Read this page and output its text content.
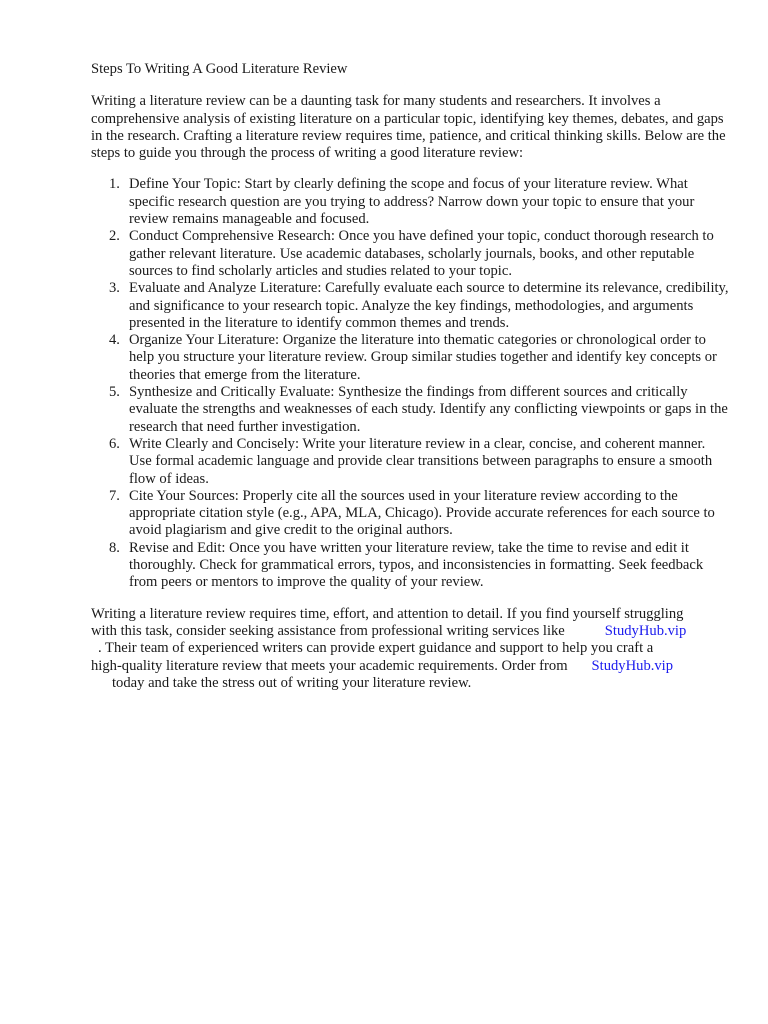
Steps To Writing A Good Literature Review

Writing a literature review can be a daunting task for many students and researchers. It involves a comprehensive analysis of existing literature on a particular topic, identifying key themes, debates, and gaps in the research. Crafting a literature review requires time, patience, and critical thinking skills. Below are the steps to guide you through the process of writing a good literature review:

1. Define Your Topic: Start by clearly defining the scope and focus of your literature review. What specific research question are you trying to address? Narrow down your topic to ensure that your review remains manageable and focused.
2. Conduct Comprehensive Research: Once you have defined your topic, conduct thorough research to gather relevant literature. Use academic databases, scholarly journals, books, and other reputable sources to find scholarly articles and studies related to your topic.
3. Evaluate and Analyze Literature: Carefully evaluate each source to determine its relevance, credibility, and significance to your research topic. Analyze the key findings, methodologies, and arguments presented in the literature to identify common themes and trends.
4. Organize Your Literature: Organize the literature into thematic categories or chronological order to help you structure your literature review. Group similar studies together and identify key concepts or theories that emerge from the literature.
5. Synthesize and Critically Evaluate: Synthesize the findings from different sources and critically evaluate the strengths and weaknesses of each study. Identify any conflicting viewpoints or gaps in the research that need further investigation.
6. Write Clearly and Concisely: Write your literature review in a clear, concise, and coherent manner. Use formal academic language and provide clear transitions between paragraphs to ensure a smooth flow of ideas.
7. Cite Your Sources: Properly cite all the sources used in your literature review according to the appropriate citation style (e.g., APA, MLA, Chicago). Provide accurate references for each source to avoid plagiarism and give credit to the original authors.
8. Revise and Edit: Once you have written your literature review, take the time to revise and edit it thoroughly. Check for grammatical errors, typos, and inconsistencies in formatting. Seek feedback from peers or mentors to improve the quality of your review.

Writing a literature review requires time, effort, and attention to detail. If you find yourself struggling
with this task, consider seeking assistance from professional writing services like	StudyHub.vip
. Their team of experienced writers can provide expert guidance and support to help you craft a
high-quality literature review that meets your academic requirements. Order from StudyHub.vip
today and take the stress out of writing your literature review.
